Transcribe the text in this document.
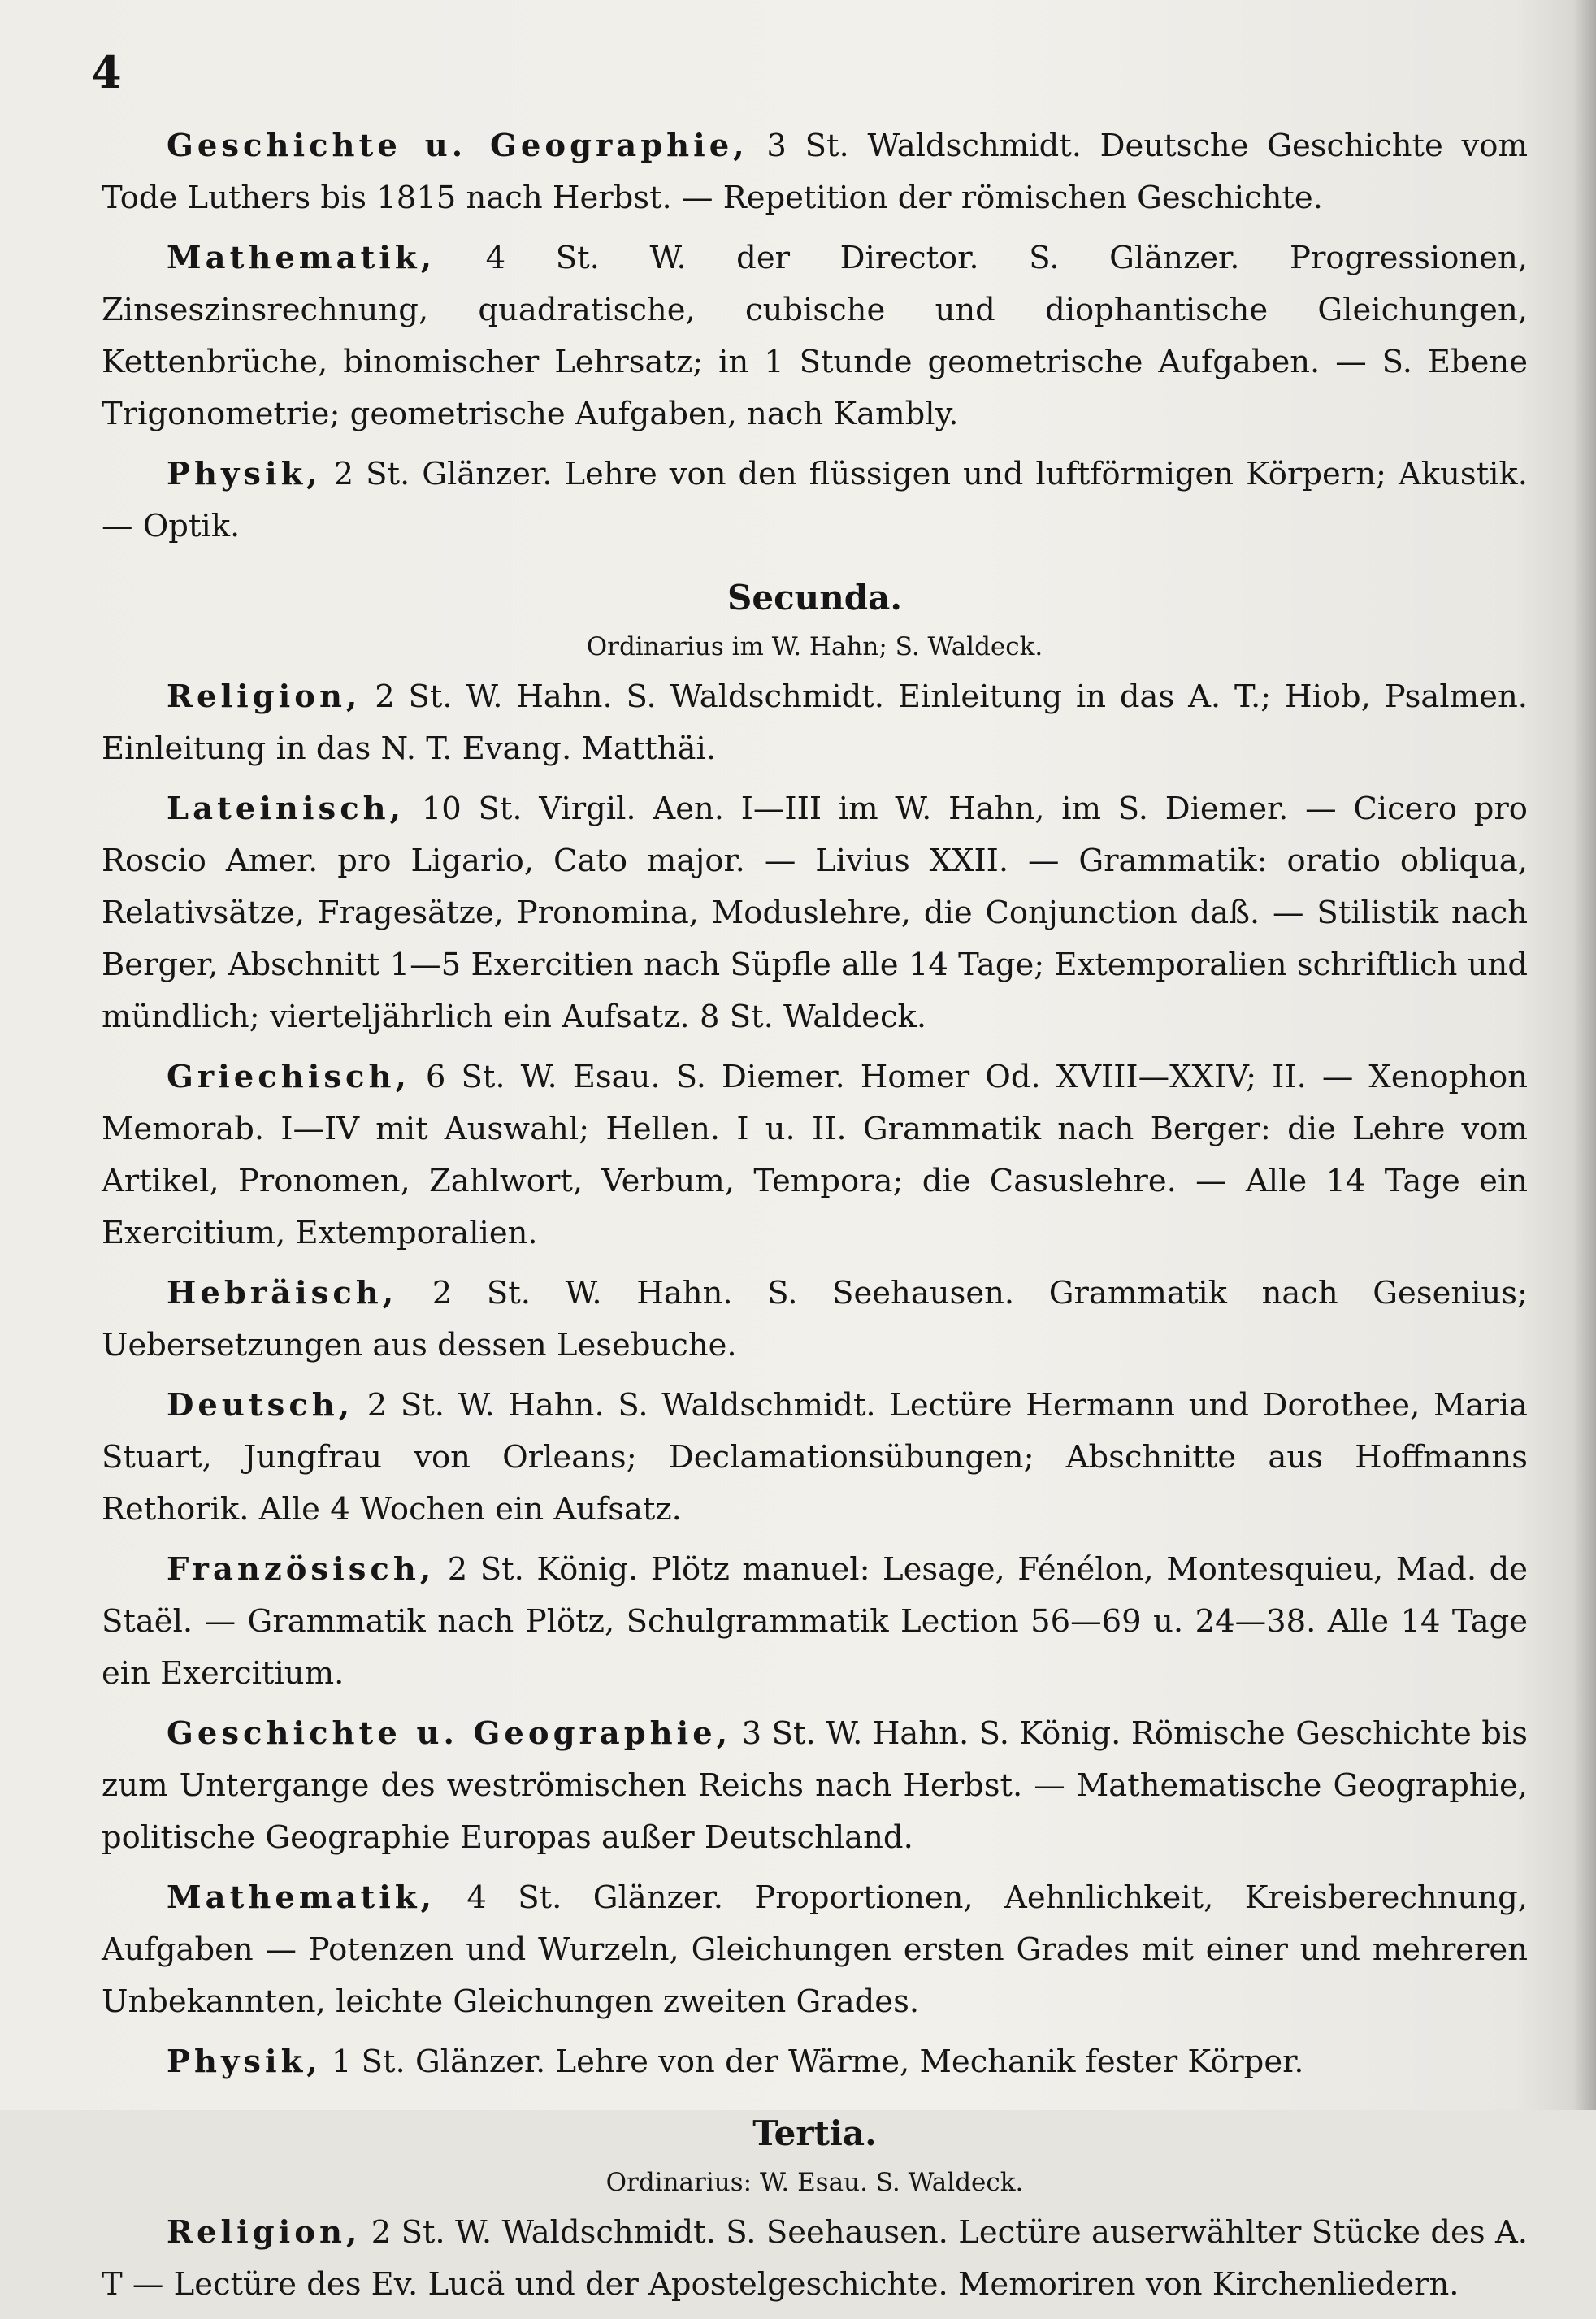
4

Geschichte u. Geographie, 3 St. Waldschmidt. Deutsche Geschichte vom Tode Luthers bis 1815 nach Herbst. — Repetition der römischen Geschichte.

Mathematik, 4 St. W. der Director. S. Glänzer. Progressionen, Zinseszinsrechnung, quadratische, cubische und diophantische Gleichungen, Kettenbrüche, binomischer Lehrsatz; in 1 Stunde geometrische Aufgaben. — S. Ebene Trigonometrie; geometrische Aufgaben, nach Kambly.

Physik, 2 St. Glänzer. Lehre von den flüssigen und luftförmigen Körpern; Akustik. — Optik.

Secunda.
Ordinarius im W. Hahn; S. Waldeck.

Religion, 2 St. W. Hahn. S. Waldschmidt. Einleitung in das A. T.; Hiob, Psalmen. Einleitung in das N. T. Evang. Matthäi.

Lateinisch, 10 St. Virgil. Aen. I—III im W. Hahn, im S. Diemer. — Cicero pro Roscio Amer. pro Ligario, Cato major. — Livius XXII. — Grammatik: oratio obliqua, Relativsätze, Fragesätze, Pronomina, Moduslehre, die Conjunction daß. — Stilistik nach Berger, Abschnitt 1—5 Exercitien nach Süpfle alle 14 Tage; Extemporalien schriftlich und mündlich; vierteljährlich ein Aufsatz. 8 St. Waldeck.

Griechisch, 6 St. W. Esau. S. Diemer. Homer Od. XVIII—XXIV; II. — Xenophon Memorab. I—IV mit Auswahl; Hellen. I u. II. Grammatik nach Berger: die Lehre vom Artikel, Pronomen, Zahlwort, Verbum, Tempora; die Casuslehre. — Alle 14 Tage ein Exercitium, Extemporalien.

Hebräisch, 2 St. W. Hahn. S. Seehausen. Grammatik nach Gesenius; Uebersetzungen aus dessen Lesebuche.

Deutsch, 2 St. W. Hahn. S. Waldschmidt. Lectüre Hermann und Dorothee, Maria Stuart, Jungfrau von Orleans; Declamationsübungen; Abschnitte aus Hoffmanns Rethorik. Alle 4 Wochen ein Aufsatz.

Französisch, 2 St. König. Plötz manuel: Lesage, Fénélon, Montesquieu, Mad. de Staël. — Grammatik nach Plötz, Schulgrammatik Lection 56—69 u. 24—38. Alle 14 Tage ein Exercitium.

Geschichte u. Geographie, 3 St. W. Hahn. S. König. Römische Geschichte bis zum Untergange des weströmischen Reichs nach Herbst. — Mathematische Geographie, politische Geographie Europas außer Deutschland.

Mathematik, 4 St. Glänzer. Proportionen, Aehnlichkeit, Kreisberechnung, Aufgaben — Potenzen und Wurzeln, Gleichungen ersten Grades mit einer und mehreren Unbekannten, leichte Gleichungen zweiten Grades.

Physik, 1 St. Glänzer. Lehre von der Wärme, Mechanik fester Körper.

Tertia.
Ordinarius: W. Esau. S. Waldeck.

Religion, 2 St. W. Waldschmidt. S. Seehausen. Lectüre auserwählter Stücke des A. T — Lectüre des Ev. Lucä und der Apostelgeschichte. Memoriren von Kirchenliedern.
